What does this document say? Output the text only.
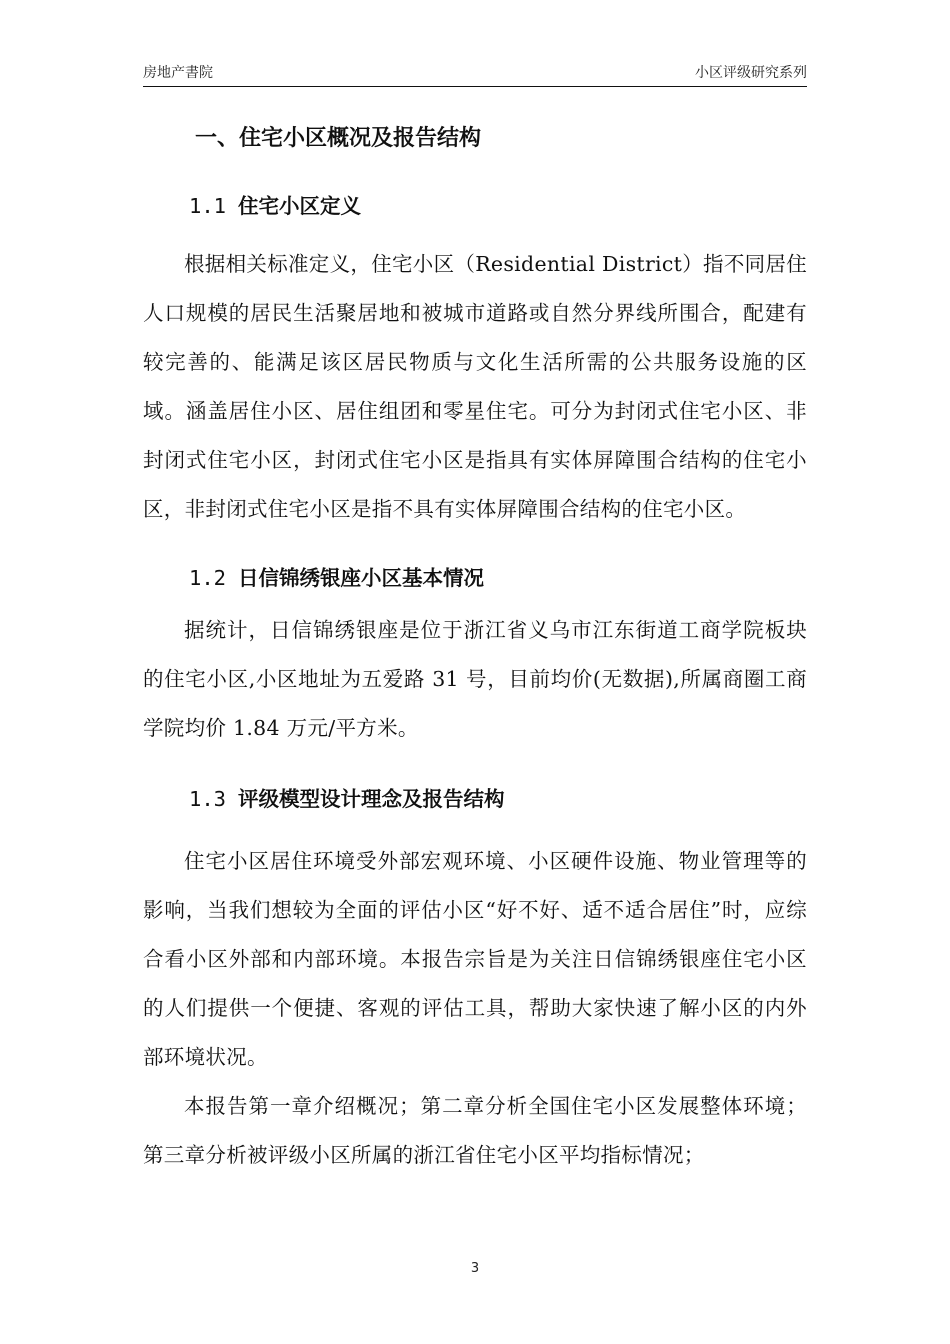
房地产書院	小区评级研究系列
一、住宅小区概况及报告结构
1.1 住宅小区定义

根据相关标准定义，住宅小区（Residential District）指不同居住人口规模的居民生活聚居地和被城市道路或自然分界线所围合，配建有较完善的、能满足该区居民物质与文化生活所需的公共服务设施的区域。涵盖居住小区、居住组团和零星住宅。可分为封闭式住宅小区、非封闭式住宅小区，封闭式住宅小区是指具有实体屏障围合结构的住宅小区，非封闭式住宅小区是指不具有实体屏障围合结构的住宅小区。

1.2 日信锦绣银座小区基本情况

据统计，日信锦绣银座是位于浙江省义乌市江东街道工商学院板块的住宅小区,小区地址为五爱路 31 号，目前均价(无数据),所属商圈工商学院均价 1.84 万元/平方米。

1.3 评级模型设计理念及报告结构

住宅小区居住环境受外部宏观环境、小区硬件设施、物业管理等的影响，当我们想较为全面的评估小区“好不好、适不适合居住”时，应综合看小区外部和内部环境。本报告宗旨是为关注日信锦绣银座住宅小区的人们提供一个便捷、客观的评估工具，帮助大家快速了解小区的内外部环境状况。

本报告第一章介绍概况；第二章分析全国住宅小区发展整体环境；第三章分析被评级小区所属的浙江省住宅小区平均指标情况；

3
